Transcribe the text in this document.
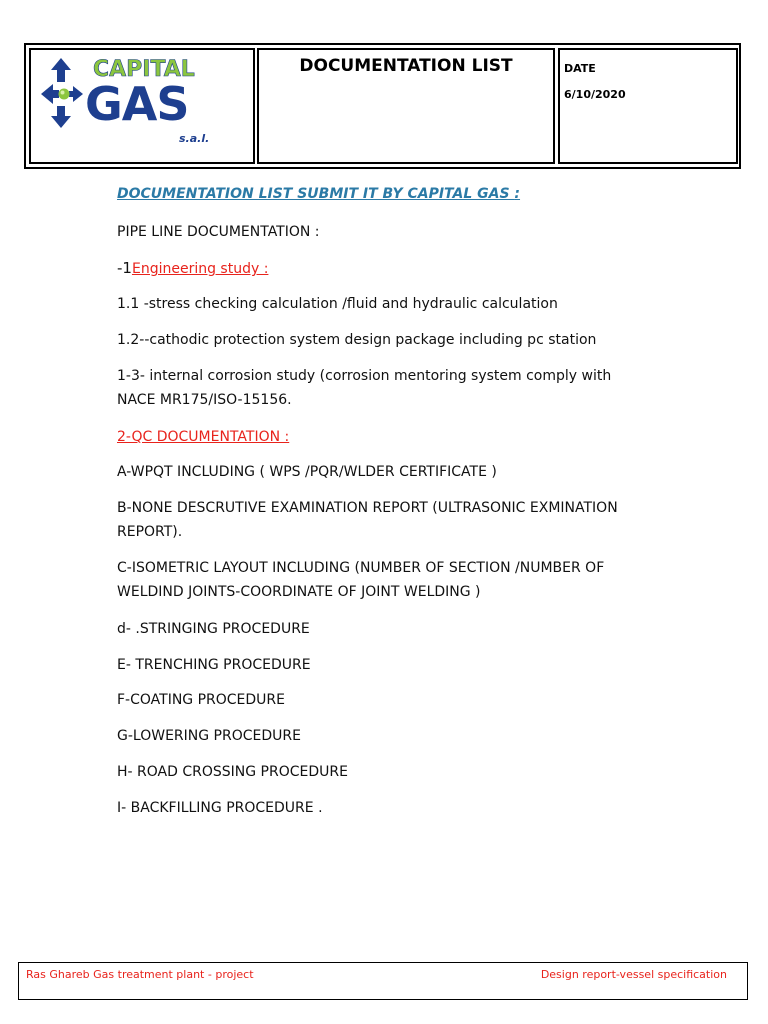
CAPITAL
GAS
s.a.l.
DOCUMENTATION LIST	DATE
6/10/2020
DOCUMENTATION LIST SUBMIT IT BY CAPITAL GAS :
PIPE LINE DOCUMENTATION :
-1Engineering study :
1.1 -stress checking calculation /fluid and hydraulic calculation
1.2--cathodic protection system design package including pc station
1-3- internal corrosion study (corrosion mentoring system comply with
NACE MR175/ISO-15156.
2-QC DOCUMENTATION :
A-WPQT INCLUDING ( WPS /PQR/WLDER CERTIFICATE )
B-NONE DESCRUTIVE EXAMINATION REPORT (ULTRASONIC EXMINATION
REPORT).
C-ISOMETRIC LAYOUT INCLUDING (NUMBER OF SECTION /NUMBER OF
WELDIND JOINTS-COORDINATE OF JOINT WELDING )
d- .STRINGING PROCEDURE
E- TRENCHING PROCEDURE
F-COATING PROCEDURE
G-LOWERING PROCEDURE
H- ROAD CROSSING PROCEDURE
I- BACKFILLING PROCEDURE .
Ras Ghareb Gas treatment plant - project	Design report-vessel specification
